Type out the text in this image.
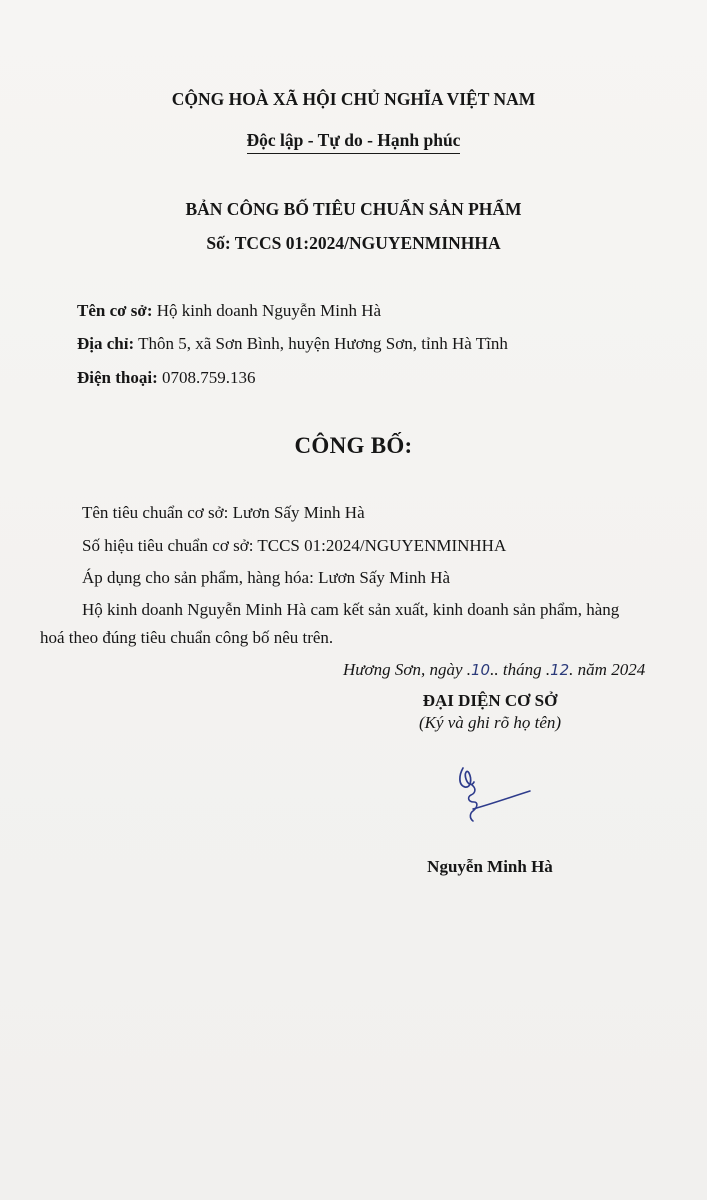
CỘNG HOÀ XÃ HỘI CHỦ NGHĨA VIỆT NAM
Độc lập - Tự do - Hạnh phúc
BẢN CÔNG BỐ TIÊU CHUẨN SẢN PHẨM
Số: TCCS 01:2024/NGUYENMINHHA
Tên cơ sở: Hộ kinh doanh Nguyễn Minh Hà
Địa chỉ: Thôn 5, xã Sơn Bình, huyện Hương Sơn, tỉnh Hà Tĩnh
Điện thoại: 0708.759.136
CÔNG BỐ:
Tên tiêu chuẩn cơ sở: Lươn Sấy Minh Hà
Số hiệu tiêu chuẩn cơ sở: TCCS 01:2024/NGUYENMINHHA
Áp dụng cho sản phẩm, hàng hóa: Lươn Sấy Minh Hà
Hộ kinh doanh Nguyễn Minh Hà cam kết sản xuất, kinh doanh sản phẩm, hàng hoá theo đúng tiêu chuẩn công bố nêu trên.
Hương Sơn, ngày .10.. tháng .12. năm 2024
ĐẠI DIỆN CƠ SỞ
(Ký và ghi rõ họ tên)
Nguyễn Minh Hà
